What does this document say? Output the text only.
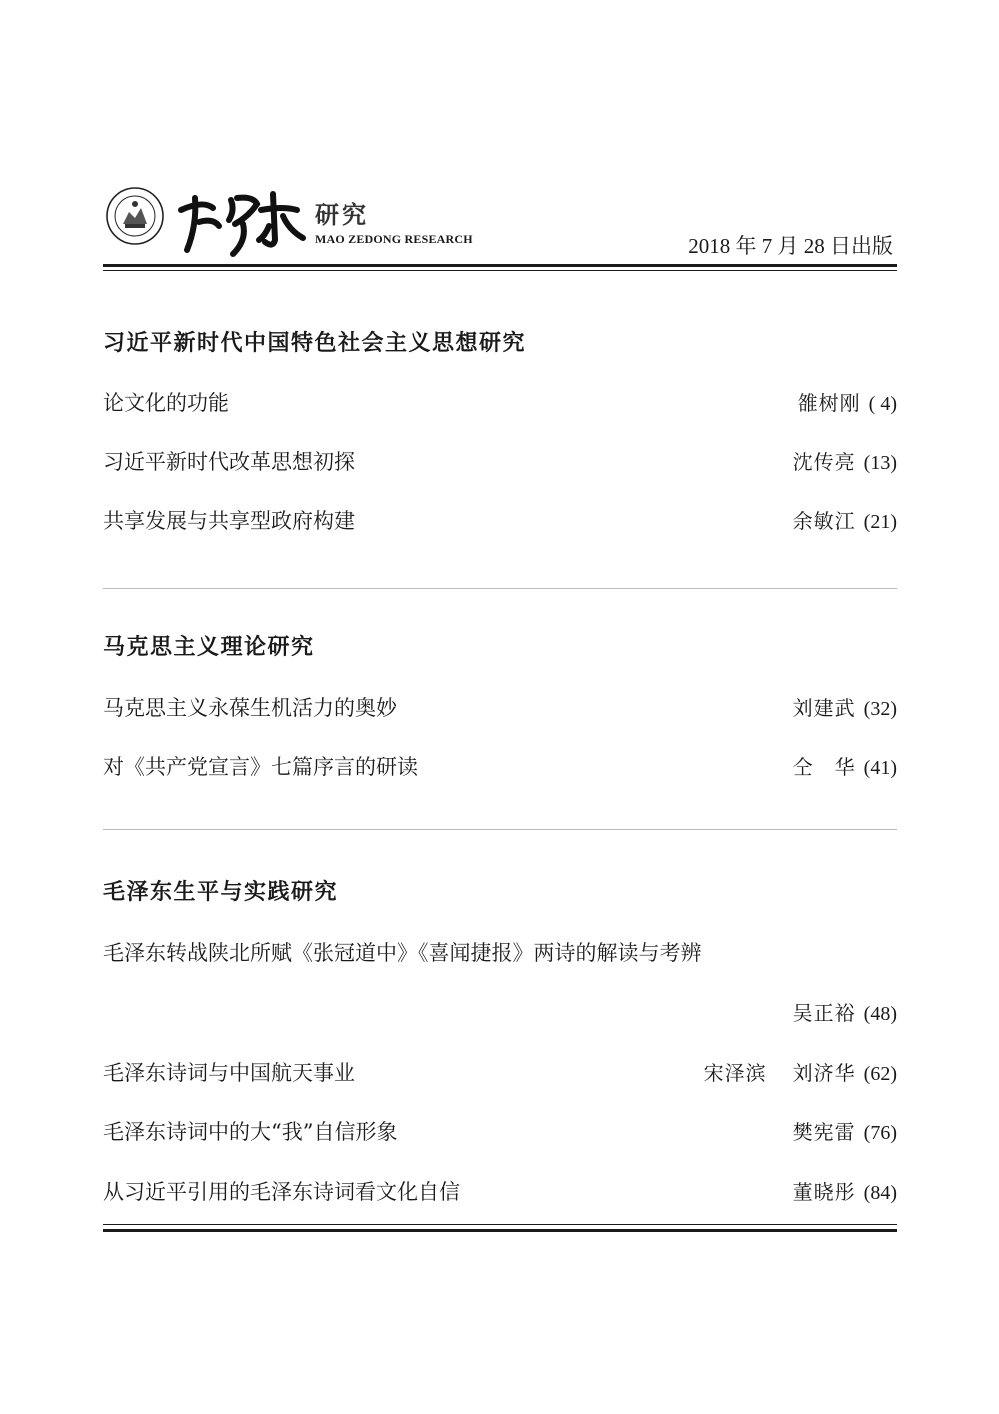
研究
MAO ZEDONG RESEARCH	2018 年 7 月 28 日出版
习近平新时代中国特色社会主义思想研究
论文化的功能	雒树刚 ( 4)
习近平新时代改革思想初探	沈传亮 (13)
共享发展与共享型政府构建	余敏江 (21)
马克思主义理论研究
马克思主义永葆生机活力的奥妙	刘建武 (32)
对《共产党宣言》七篇序言的研读	仝　华 (41)
毛泽东生平与实践研究
毛泽东转战陕北所赋《张冠道中》《喜闻捷报》两诗的解读与考辨
吴正裕 (48)
毛泽东诗词与中国航天事业	宋泽滨 刘济华 (62)
毛泽东诗词中的大“我”自信形象	樊宪雷 (76)
从习近平引用的毛泽东诗词看文化自信	董晓彤 (84)
